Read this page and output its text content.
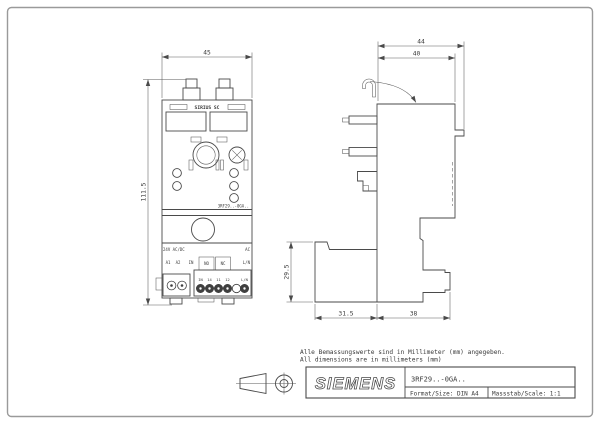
SIRIUS SC
3RF29..-0GA..
24V AC/DC	AC
A1 A2 IN	NO	NC	L/N
IN 14 11 12	L/N
45
111.5
44
40
29.5
31.5	38
Alle Bemassungswerte sind in Millimeter (mm) angegeben.
All dimensions are in millimeters (mm)
SIEMENS 3RF29..-0GA..
Format/Size: DIN A4 Massstab/Scale: 1:1
